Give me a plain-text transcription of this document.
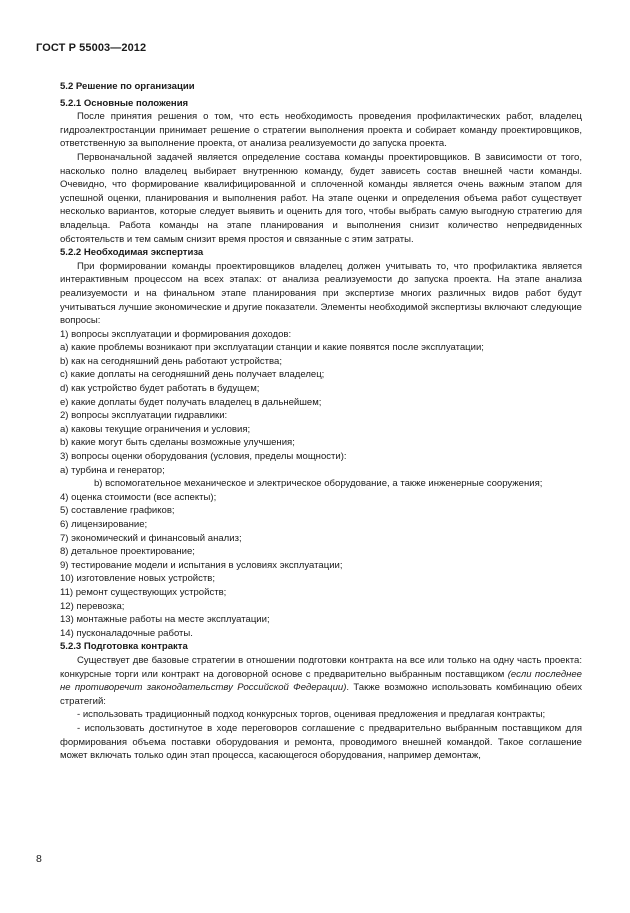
ГОСТ Р 55003—2012

5.2 Решение по организации

5.2.1 Основные положения

После принятия решения о том, что есть необходимость проведения профилактических работ, владелец гидроэлектростанции принимает решение о стратегии выполнения проекта и собирает команду проектировщиков, ответственную за выполнение проекта, от анализа реализуемости до запуска проекта.

Первоначальной задачей является определение состава команды проектировщиков. В зависимости от того, насколько полно владелец выбирает внутреннюю команду, будет зависеть состав внешней части команды. Очевидно, что формирование квалифицированной и сплоченной команды является очень важным этапом для успешной оценки, планирования и выполнения работ. На этапе оценки и определения объема работ существует несколько вариантов, которые следует выявить и оценить для того, чтобы выбрать самую выгодную стратегию для владельца. Работа команды на этапе планирования и выполнения снизит количество непредвиденных обстоятельств и тем самым снизит время простоя и связанные с этим затраты.

5.2.2 Необходимая экспертиза

При формировании команды проектировщиков владелец должен учитывать то, что профилактика является интерактивным процессом на всех этапах: от анализа реализуемости до запуска проекта. На этапе анализа реализуемости и на финальном этапе планирования при экспертизе многих различных видов работ будут учитываться лучшие экономические и другие показатели. Элементы необходимой экспертизы включают следующие вопросы:

1) вопросы эксплуатации и формирования доходов:

a) какие проблемы возникают при эксплуатации станции и какие появятся после эксплуатации;

b) как на сегодняшний день работают устройства;

c) какие доплаты на сегодняшний день получает владелец;

d) как устройство будет работать в будущем;

e) какие доплаты будет получать владелец в дальнейшем;

2) вопросы эксплуатации гидравлики:

a) каковы текущие ограничения и условия;

b) какие могут быть сделаны возможные улучшения;

3) вопросы оценки оборудования (условия, пределы мощности):

a) турбина и генератор;

b) вспомогательное механическое и электрическое оборудование, а также инженерные сооружения;

4) оценка стоимости (все аспекты);

5) составление графиков;

6) лицензирование;

7) экономический и финансовый анализ;

8) детальное проектирование;

9) тестирование модели и испытания в условиях эксплуатации;

10) изготовление новых устройств;

11) ремонт существующих устройств;

12) перевозка;

13) монтажные работы на месте эксплуатации;

14) пусконаладочные работы.

5.2.3 Подготовка контракта

Существует две базовые стратегии в отношении подготовки контракта на все или только на одну часть проекта: конкурсные торги или контракт на договорной основе с предварительно выбранным поставщиком (если последнее не противоречит законодательству Российской Федерации). Также возможно использовать комбинацию обеих стратегий:

- использовать традиционный подход конкурсных торгов, оценивая предложения и предлагая контракты;

- использовать достигнутое в ходе переговоров соглашение с предварительно выбранным поставщиком для формирования объема поставки оборудования и ремонта, проводимого внешней командой. Такое соглашение может включать только один этап процесса, касающегося оборудования, например демонтаж,

8
